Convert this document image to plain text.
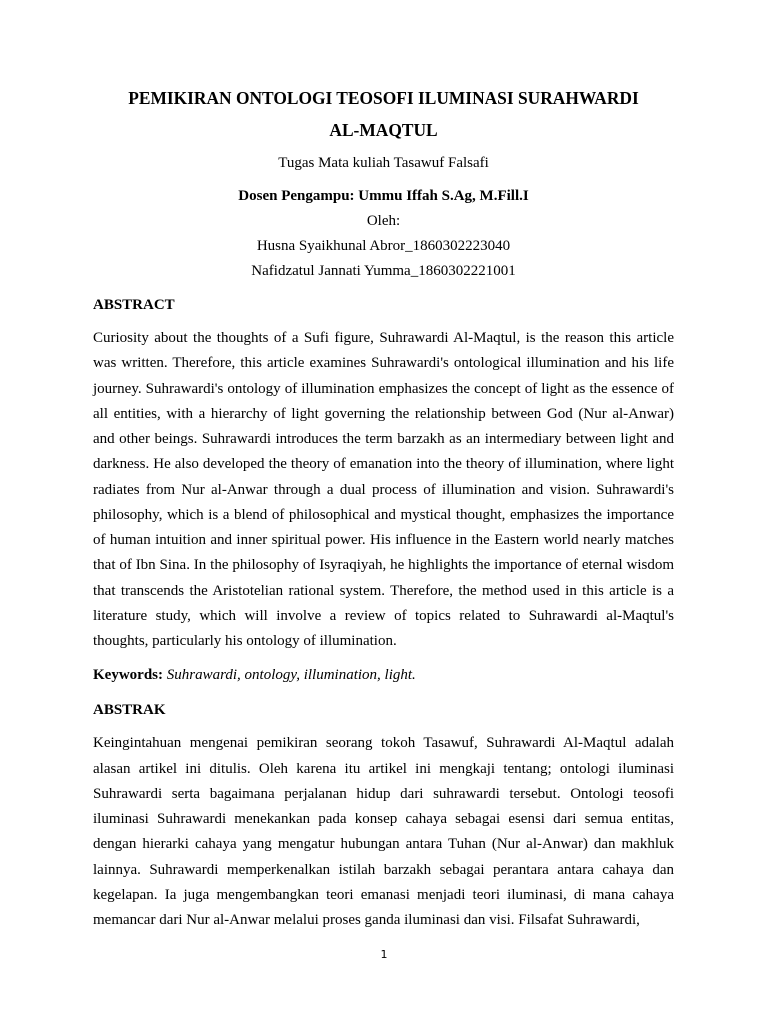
PEMIKIRAN ONTOLOGI TEOSOFI ILUMINASI SURAHWARDI
AL-MAQTUL

Tugas Mata kuliah Tasawuf Falsafi

Dosen Pengampu: Ummu Iffah S.Ag, M.Fill.I

Oleh:

Husna Syaikhunal Abror_1860302223040

Nafidzatul Jannati Yumma_1860302221001

ABSTRACT

Curiosity about the thoughts of a Sufi figure, Suhrawardi Al-Maqtul, is the reason this article was written. Therefore, this article examines Suhrawardi's ontological illumination and his life journey. Suhrawardi's ontology of illumination emphasizes the concept of light as the essence of all entities, with a hierarchy of light governing the relationship between God (Nur al-Anwar) and other beings. Suhrawardi introduces the term barzakh as an intermediary between light and darkness. He also developed the theory of emanation into the theory of illumination, where light radiates from Nur al-Anwar through a dual process of illumination and vision. Suhrawardi's philosophy, which is a blend of philosophical and mystical thought, emphasizes the importance of human intuition and inner spiritual power. His influence in the Eastern world nearly matches that of Ibn Sina. In the philosophy of Isyraqiyah, he highlights the importance of eternal wisdom that transcends the Aristotelian rational system. Therefore, the method used in this article is a literature study, which will involve a review of topics related to Suhrawardi al-Maqtul's thoughts, particularly his ontology of illumination.

Keywords: Suhrawardi, ontology, illumination, light.

ABSTRAK

Keingintahuan mengenai pemikiran seorang tokoh Tasawuf, Suhrawardi Al-Maqtul adalah alasan artikel ini ditulis. Oleh karena itu artikel ini mengkaji tentang; ontologi iluminasi Suhrawardi serta bagaimana perjalanan hidup dari suhrawardi tersebut. Ontologi teosofi iluminasi Suhrawardi menekankan pada konsep cahaya sebagai esensi dari semua entitas, dengan hierarki cahaya yang mengatur hubungan antara Tuhan (Nur al-Anwar) dan makhluk lainnya. Suhrawardi memperkenalkan istilah barzakh sebagai perantara antara cahaya dan kegelapan. Ia juga mengembangkan teori emanasi menjadi teori iluminasi, di mana cahaya memancar dari Nur al-Anwar melalui proses ganda iluminasi dan visi. Filsafat Suhrawardi,

1
